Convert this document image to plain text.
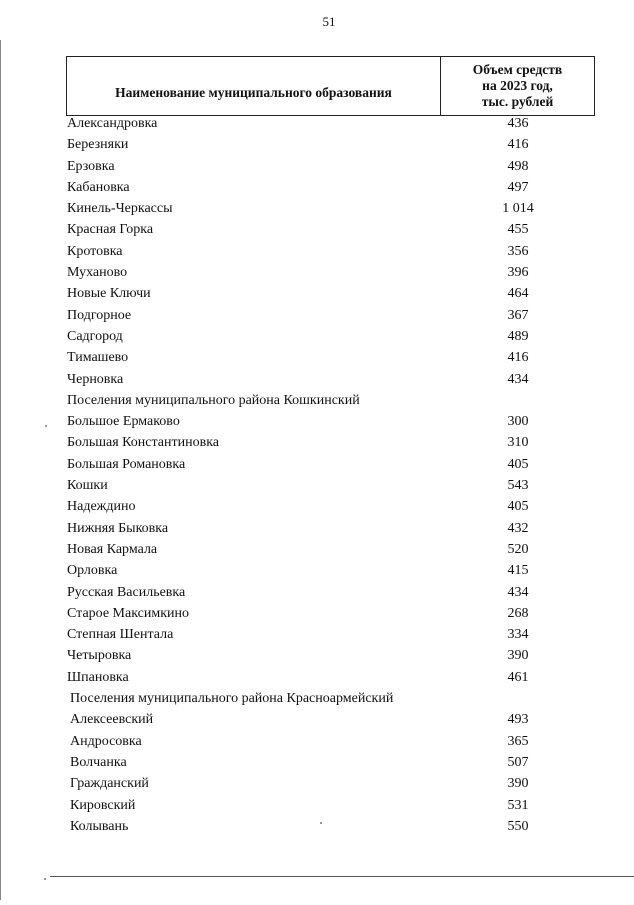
51
Наименование муниципального образования
Объем средств
на 2023 год,
тыс. рублей
Александровка	436
Березняки	416
Ерзовка	498
Кабановка	497
Кинель-Черкассы	1 014
Красная Горка	455
Кротовка	356
Муханово	396
Новые Ключи	464
Подгорное	367
Садгород	489
Тимашево	416
Черновка	434
Поселения муниципального района Кошкинский
Большое Ермаково	300
Большая Константиновка	310
Большая Романовка	405
Кошки	543
Надеждино	405
Нижняя Быковка	432
Новая Кармала	520
Орловка	415
Русская Васильевка	434
Старое Максимкино	268
Степная Шентала	334
Четыровка	390
Шпановка	461
Поселения муниципального района Красноармейский
Алексеевский	493
Андросовка	365
Волчанка	507
Гражданский	390
Кировский	531
Колывань	550
